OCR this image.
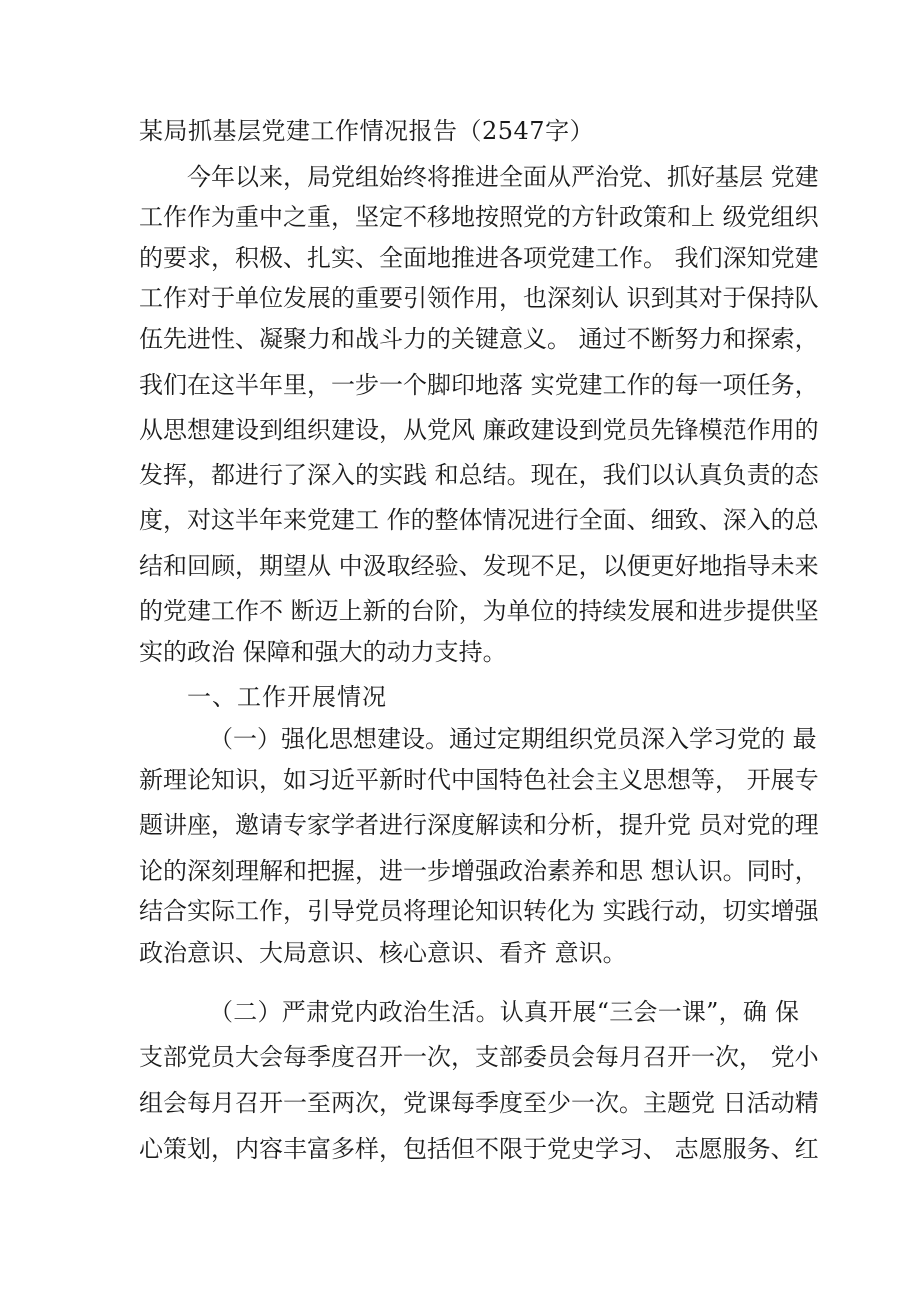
某局抓基层党建工作情况报告（2547字）
今年以来，局党组始终将推进全面从严治党、抓好基层 党建
工作作为重中之重，坚定不移地按照党的方针政策和上 级党组织
的要求，积极、扎实、全面地推进各项党建工作。 我们深知党建
工作对于单位发展的重要引领作用，也深刻认 识到其对于保持队
伍先进性、凝聚力和战斗力的关键意义。 通过不断努力和探索，
我们在这半年里，一步一个脚印地落 实党建工作的每一项任务，
从思想建设到组织建设，从党风 廉政建设到党员先锋模范作用的
发挥，都进行了深入的实践 和总结。现在，我们以认真负责的态
度，对这半年来党建工 作的整体情况进行全面、细致、深入的总
结和回顾，期望从 中汲取经验、发现不足，以便更好地指导未来
的党建工作不 断迈上新的台阶，为单位的持续发展和进步提供坚
实的政治 保障和强大的动力支持。
一、工作开展情况
（一）强化思想建设。通过定期组织党员深入学习党的 最
新理论知识，如习近平新时代中国特色社会主义思想等， 开展专
题讲座，邀请专家学者进行深度解读和分析，提升党 员对党的理
论的深刻理解和把握，进一步增强政治素养和思 想认识。同时，
结合实际工作，引导党员将理论知识转化为 实践行动，切实增强
政治意识、大局意识、核心意识、看齐 意识。
（二）严肃党内政治生活。认真开展“三会一课”，确 保
支部党员大会每季度召开一次，支部委员会每月召开一次， 党小
组会每月召开一至两次，党课每季度至少一次。主题党 日活动精
心策划，内容丰富多样，包括但不限于党史学习、 志愿服务、红
